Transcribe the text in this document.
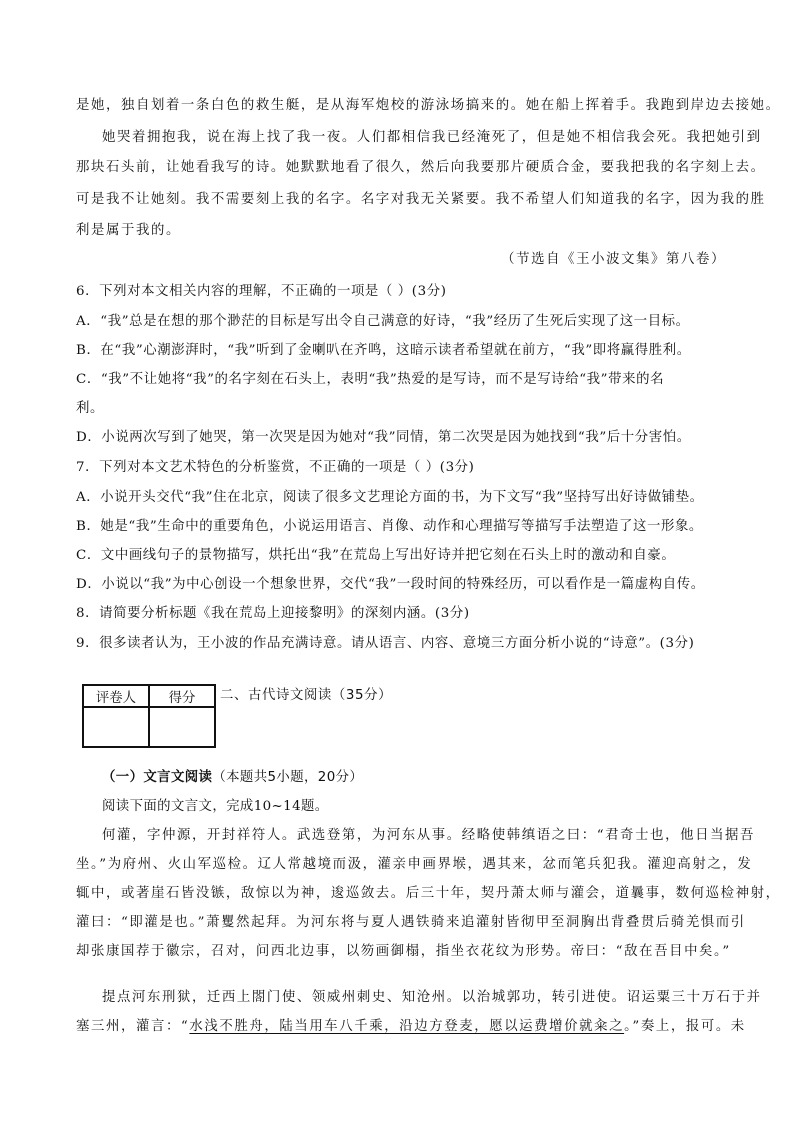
是她，独自划着一条白色的救生艇，是从海军炮校的游泳场搞来的。她在船上挥着手。我跑到岸边去接她。
她哭着拥抱我，说在海上找了我一夜。人们都相信我已经淹死了，但是她不相信我会死。我把她引到
那块石头前，让她看我写的诗。她默默地看了很久，然后向我要那片硬质合金，要我把我的名字刻上去。
可是我不让她刻。我不需要刻上我的名字。名字对我无关紧要。我不希望人们知道我的名字，因为我的胜
利是属于我的。
（节选自《王小波文集》第八卷）
6．下列对本文相关内容的理解，不正确的一项是（ ）(3分)
A．“我”总是在想的那个渺茫的目标是写出令自己满意的好诗，“我”经历了生死后实现了这一目标。
B．在“我”心潮澎湃时，“我”听到了金喇叭在齐鸣，这暗示读者希望就在前方，“我”即将赢得胜利。
C．“我”不让她将“我”的名字刻在石头上，表明“我”热爱的是写诗，而不是写诗给“我”带来的名
利。
D．小说两次写到了她哭，第一次哭是因为她对“我”同情，第二次哭是因为她找到“我”后十分害怕。
7．下列对本文艺术特色的分析鉴赏，不正确的一项是（ ）(3分)
A．小说开头交代“我”住在北京，阅读了很多文艺理论方面的书，为下文写“我”坚持写出好诗做铺垫。
B．她是“我”生命中的重要角色，小说运用语言、肖像、动作和心理描写等描写手法塑造了这一形象。
C．文中画线句子的景物描写，烘托出“我”在荒岛上写出好诗并把它刻在石头上时的激动和自豪。
D．小说以“我”为中心创设一个想象世界，交代“我”一段时间的特殊经历，可以看作是一篇虚构自传。
8．请简要分析标题《我在荒岛上迎接黎明》的深刻内涵。(3分)
9．很多读者认为，王小波的作品充满诗意。请从语言、内容、意境三方面分析小说的“诗意”。(3分)
评卷人	得分
	二、古代诗文阅读（35分）
（一）文言文阅读（本题共5小题，20分）
阅读下面的文言文，完成10~14题。
何灌，字仲源，开封祥符人。武选登第，为河东从事。经略使韩缜语之曰：“君奇士也，他日当据吾
坐。”为府州、火山军巡检。辽人常越境而汲，灌亲申画界堠，遇其来，忿而笔兵犯我。灌迎高射之，发
辄中，或著崖石皆没镞，敌惊以为神，逡巡敛去。后三十年，契丹萧太师与灌会，道曩事，数何巡检神射，
灌曰：“即灌是也。”萧矍然起拜。为河东将与夏人遇铁骑来追灌射皆彻甲至洞胸出背叠贯后骑羌惧而引
却张康国荐于徽宗，召对，问西北边事，以笏画御榻，指坐衣花纹为形势。帝曰：“敌在吾目中矣。”
提点河东刑狱，迁西上閤门使、领威州刺史、知沧州。以治城郭功，转引进使。诏运粟三十万石于并
塞三州，灌言：“水浅不胜舟，陆当用车八千乘，沿边方登麦，愿以运费增价就籴之。”奏上，报可。未
